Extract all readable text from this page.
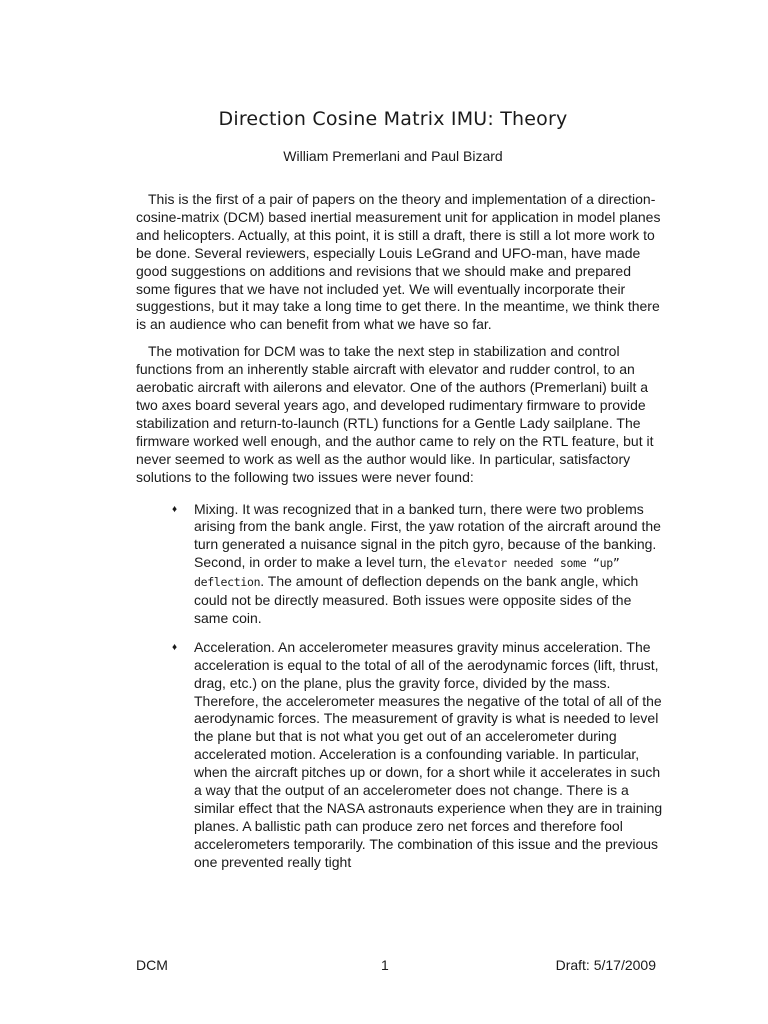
Direction Cosine Matrix IMU: Theory
William Premerlani and Paul Bizard

This is the first of a pair of papers on the theory and implementation of a direction-cosine-matrix (DCM) based inertial measurement unit for application in model planes and helicopters. Actually, at this point, it is still a draft, there is still a lot more work to be done. Several reviewers, especially Louis LeGrand and UFO-man, have made good suggestions on additions and revisions that we should make and prepared some figures that we have not included yet. We will eventually incorporate their suggestions, but it may take a long time to get there. In the meantime, we think there is an audience who can benefit from what we have so far.

The motivation for DCM was to take the next step in stabilization and control functions from an inherently stable aircraft with elevator and rudder control, to an aerobatic aircraft with ailerons and elevator. One of the authors (Premerlani) built a two axes board several years ago, and developed rudimentary firmware to provide stabilization and return-to-launch (RTL) functions for a Gentle Lady sailplane. The firmware worked well enough, and the author came to rely on the RTL feature, but it never seemed to work as well as the author would like. In particular, satisfactory solutions to the following two issues were never found:

♦ Mixing. It was recognized that in a banked turn, there were two problems arising from the bank angle. First, the yaw rotation of the aircraft around the turn generated a nuisance signal in the pitch gyro, because of the banking. Second, in order to make a level turn, the elevator needed some “up” deflection. The amount of deflection depends on the bank angle, which could not be directly measured. Both issues were opposite sides of the same coin.
♦ Acceleration. An accelerometer measures gravity minus acceleration. The acceleration is equal to the total of all of the aerodynamic forces (lift, thrust, drag, etc.) on the plane, plus the gravity force, divided by the mass. Therefore, the accelerometer measures the negative of the total of all of the aerodynamic forces. The measurement of gravity is what is needed to level the plane but that is not what you get out of an accelerometer during accelerated motion. Acceleration is a confounding variable. In particular, when the aircraft pitches up or down, for a short while it accelerates in such a way that the output of an accelerometer does not change. There is a similar effect that the NASA astronauts experience when they are in training planes. A ballistic path can produce zero net forces and therefore fool accelerometers temporarily. The combination of this issue and the previous one prevented really tight
DCM	1	Draft: 5/17/2009
